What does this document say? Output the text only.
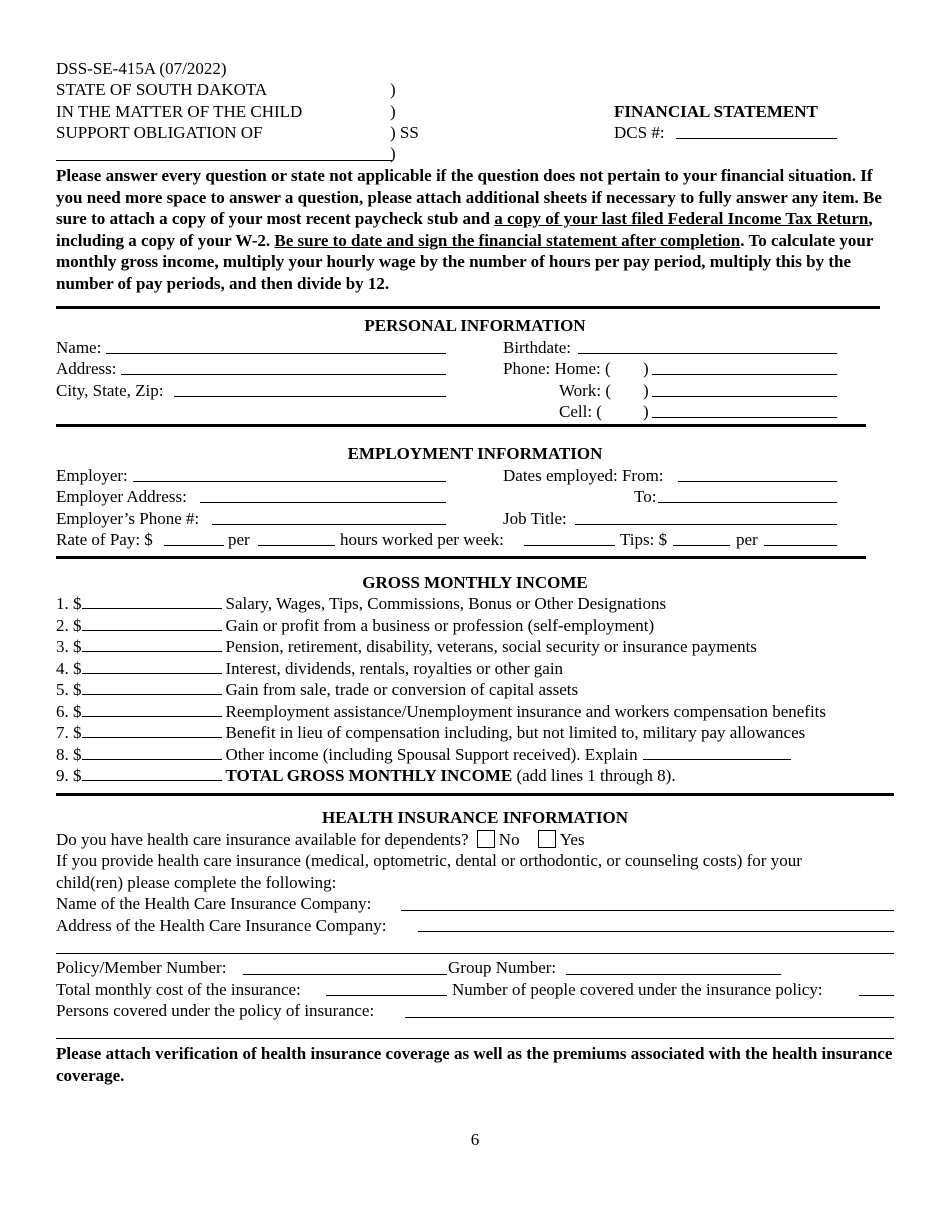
DSS-SE-415A (07/2022)
STATE OF SOUTH DAKOTA
IN THE MATTER OF THE CHILD
SUPPORT OBLIGATION OF
)
)
) SS
)
FINANCIAL STATEMENT
DCS #:
Please answer every question or state not applicable if the question does not pertain to your financial situation. If you need more space to answer a question, please attach additional sheets if necessary to fully answer any item. Be sure to attach a copy of your most recent paycheck stub and a copy of your last filed Federal Income Tax Return, including a copy of your W-2. Be sure to date and sign the financial statement after completion. To calculate your monthly gross income, multiply your hourly wage by the number of hours per pay period, multiply this by the number of pay periods, and then divide by 12.
PERSONAL INFORMATION
Name:
Address:
City, State, Zip:
Birthdate:
Phone: Home: ( )
Work: ( )
Cell: ( )
EMPLOYMENT INFORMATION
Employer:
Employer Address:
Employer’s Phone #:
Dates employed: From:
To:
Job Title:
Rate of Pay: $	per	hours worked per week:	Tips: $	per
GROSS MONTHLY INCOME
1. $	Salary, Wages, Tips, Commissions, Bonus or Other Designations
2. $	Gain or profit from a business or profession (self-employment)
3. $	Pension, retirement, disability, veterans, social security or insurance payments
4. $	Interest, dividends, rentals, royalties or other gain
5. $	Gain from sale, trade or conversion of capital assets
6. $	Reemployment assistance/Unemployment insurance and workers compensation benefits
7. $	Benefit in lieu of compensation including, but not limited to, military pay allowances
8. $	Other income (including Spousal Support received). Explain
9. $	TOTAL GROSS MONTHLY INCOME (add lines 1 through 8).
HEALTH INSURANCE INFORMATION
Do you have health care insurance available for dependents? No Yes
If you provide health care insurance (medical, optometric, dental or orthodontic, or counseling costs) for your
child(ren) please complete the following:
Name of the Health Care Insurance Company:
Address of the Health Care Insurance Company:
Policy/Member Number:	Group Number:
Total monthly cost of the insurance:	Number of people covered under the insurance policy:
Persons covered under the policy of insurance:
Please attach verification of health insurance coverage as well as the premiums associated with the health insurance coverage.
6
